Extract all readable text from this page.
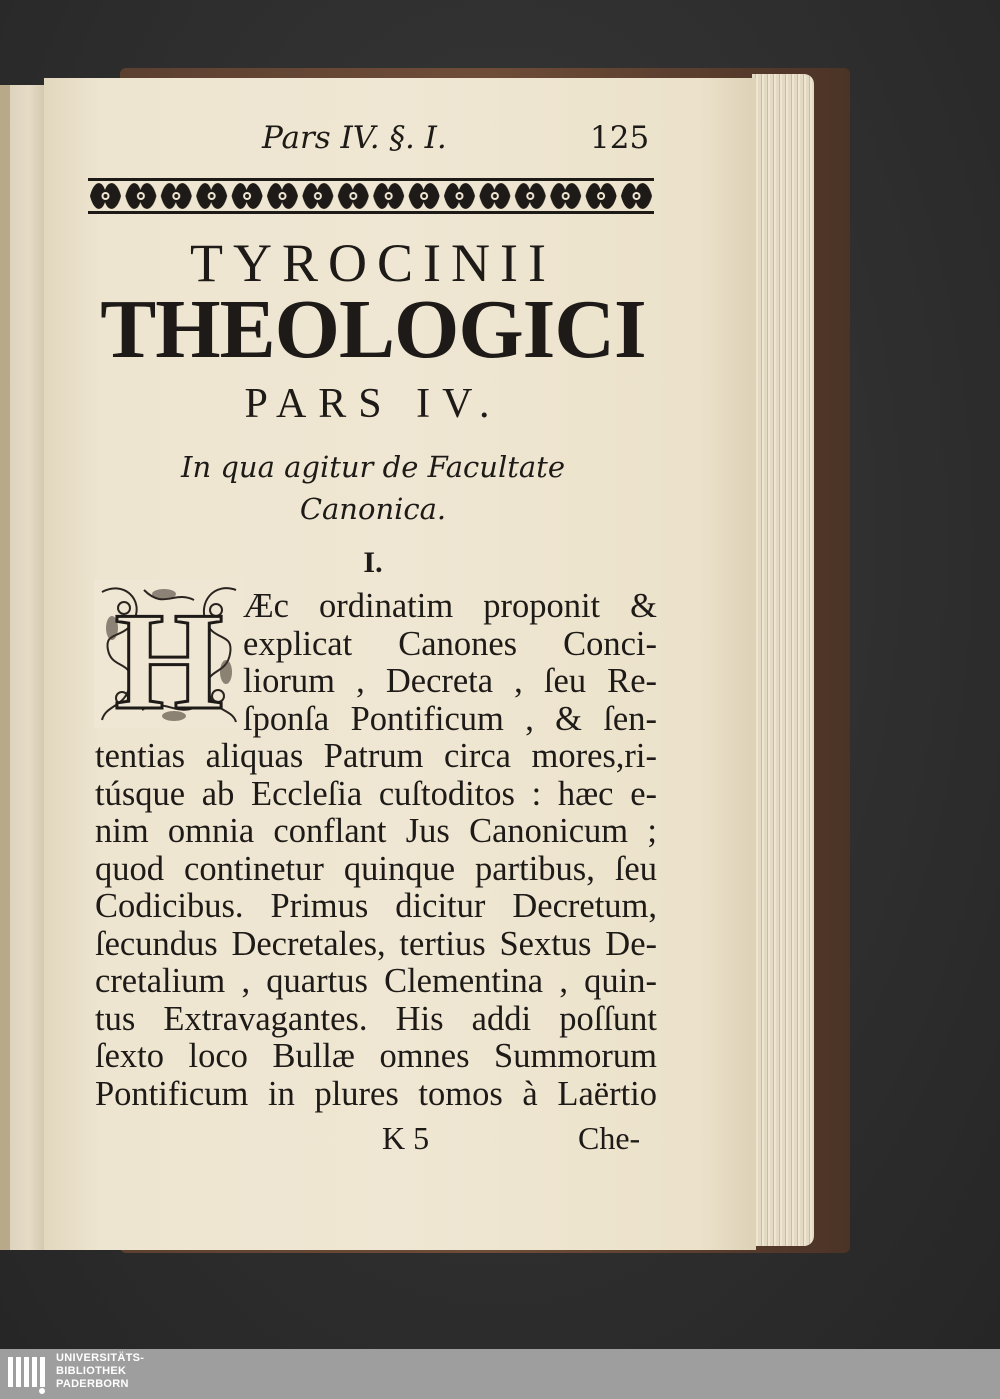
Pars IV. §. I.	125
TYROCINII
THEOLOGICI
PARS IV.
In qua agitur de Facultate
Canonica.
I.
H Æc ordinatim proponit &
explicat Canones Conci-
liorum , Decreta , ſeu Re-
ſponſa Pontificum , & ſen-
tentias aliquas Patrum circa mores,ri-
túsque ab Eccleſia cuſtoditos : hæc e-
nim omnia conflant Jus Canonicum ;
quod continetur quinque partibus, ſeu
Codicibus. Primus dicitur Decretum,
ſecundus Decretales, tertius Sextus De-
cretalium , quartus Clementina , quin-
tus Extravagantes. His addi poſſunt
ſexto loco Bullæ omnes Summorum
Pontificum in plures tomos à Laërtio
K 5	Che-
UNIVERSITÄTS-
BIBLIOTHEK
PADERBORN
